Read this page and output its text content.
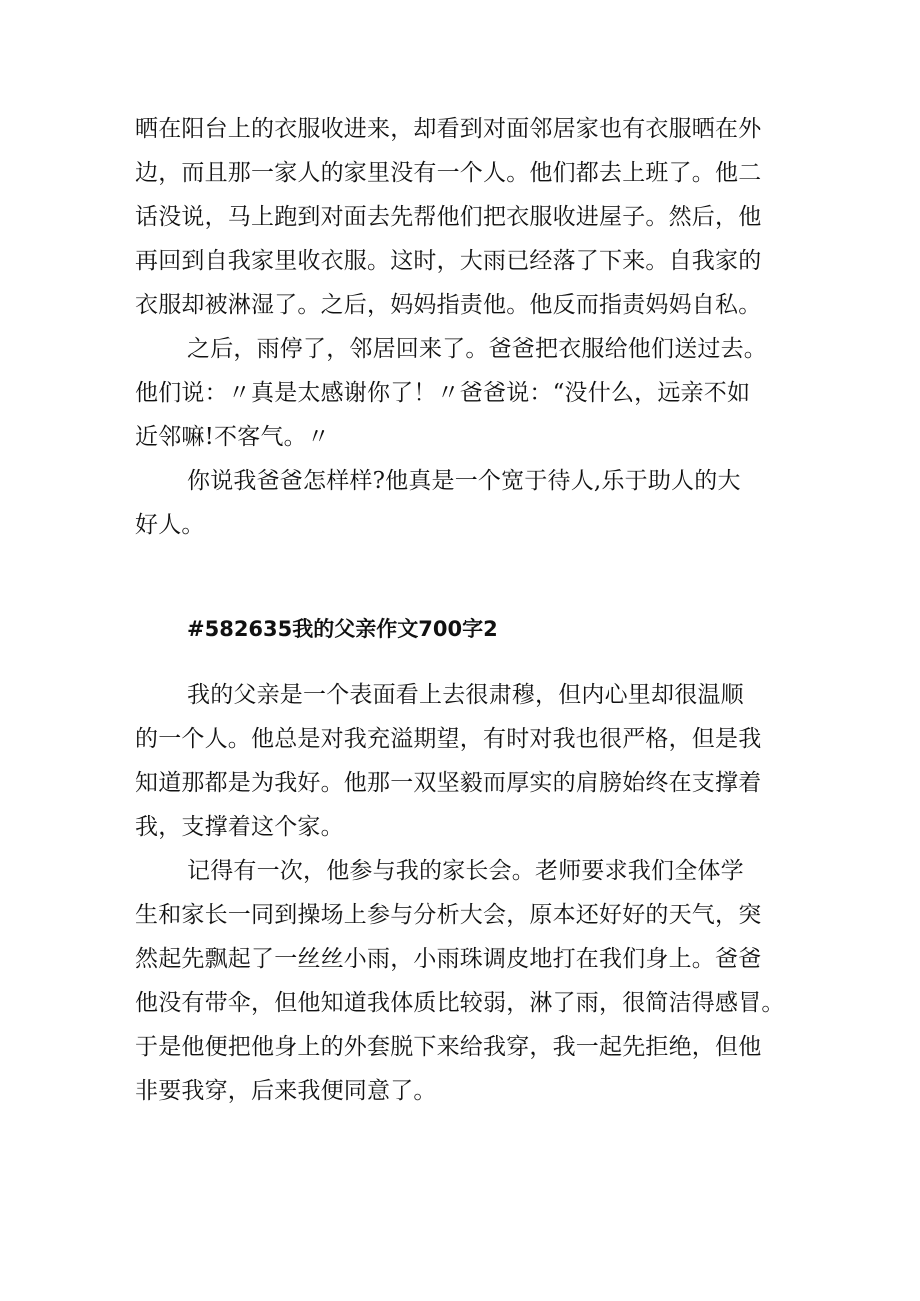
晒在阳台上的衣服收进来，却看到对面邻居家也有衣服晒在外
边，而且那一家人的家里没有一个人。他们都去上班了。他二
话没说，马上跑到对面去先帮他们把衣服收进屋子。然后，他
再回到自我家里收衣服。这时，大雨已经落了下来。自我家的
衣服却被淋湿了。之后，妈妈指责他。他反而指责妈妈自私。

之后，雨停了，邻居回来了。爸爸把衣服给他们送过去。
他们说：〃真是太感谢你了！〃爸爸说：“没什么，远亲不如
近邻嘛!不客气。〃

你说我爸爸怎样样?他真是一个宽于待人,乐于助人的大
好人。

#582635我的父亲作文700字2

我的父亲是一个表面看上去很肃穆，但内心里却很温顺
的一个人。他总是对我充溢期望，有时对我也很严格，但是我
知道那都是为我好。他那一双坚毅而厚实的肩膀始终在支撑着
我，支撑着这个家。

记得有一次，他参与我的家长会。老师要求我们全体学
生和家长一同到操场上参与分析大会，原本还好好的天气，突
然起先飘起了一丝丝小雨，小雨珠调皮地打在我们身上。爸爸
他没有带伞，但他知道我体质比较弱，淋了雨，很简洁得感冒。
于是他便把他身上的外套脱下来给我穿，我一起先拒绝，但他
非要我穿，后来我便同意了。
